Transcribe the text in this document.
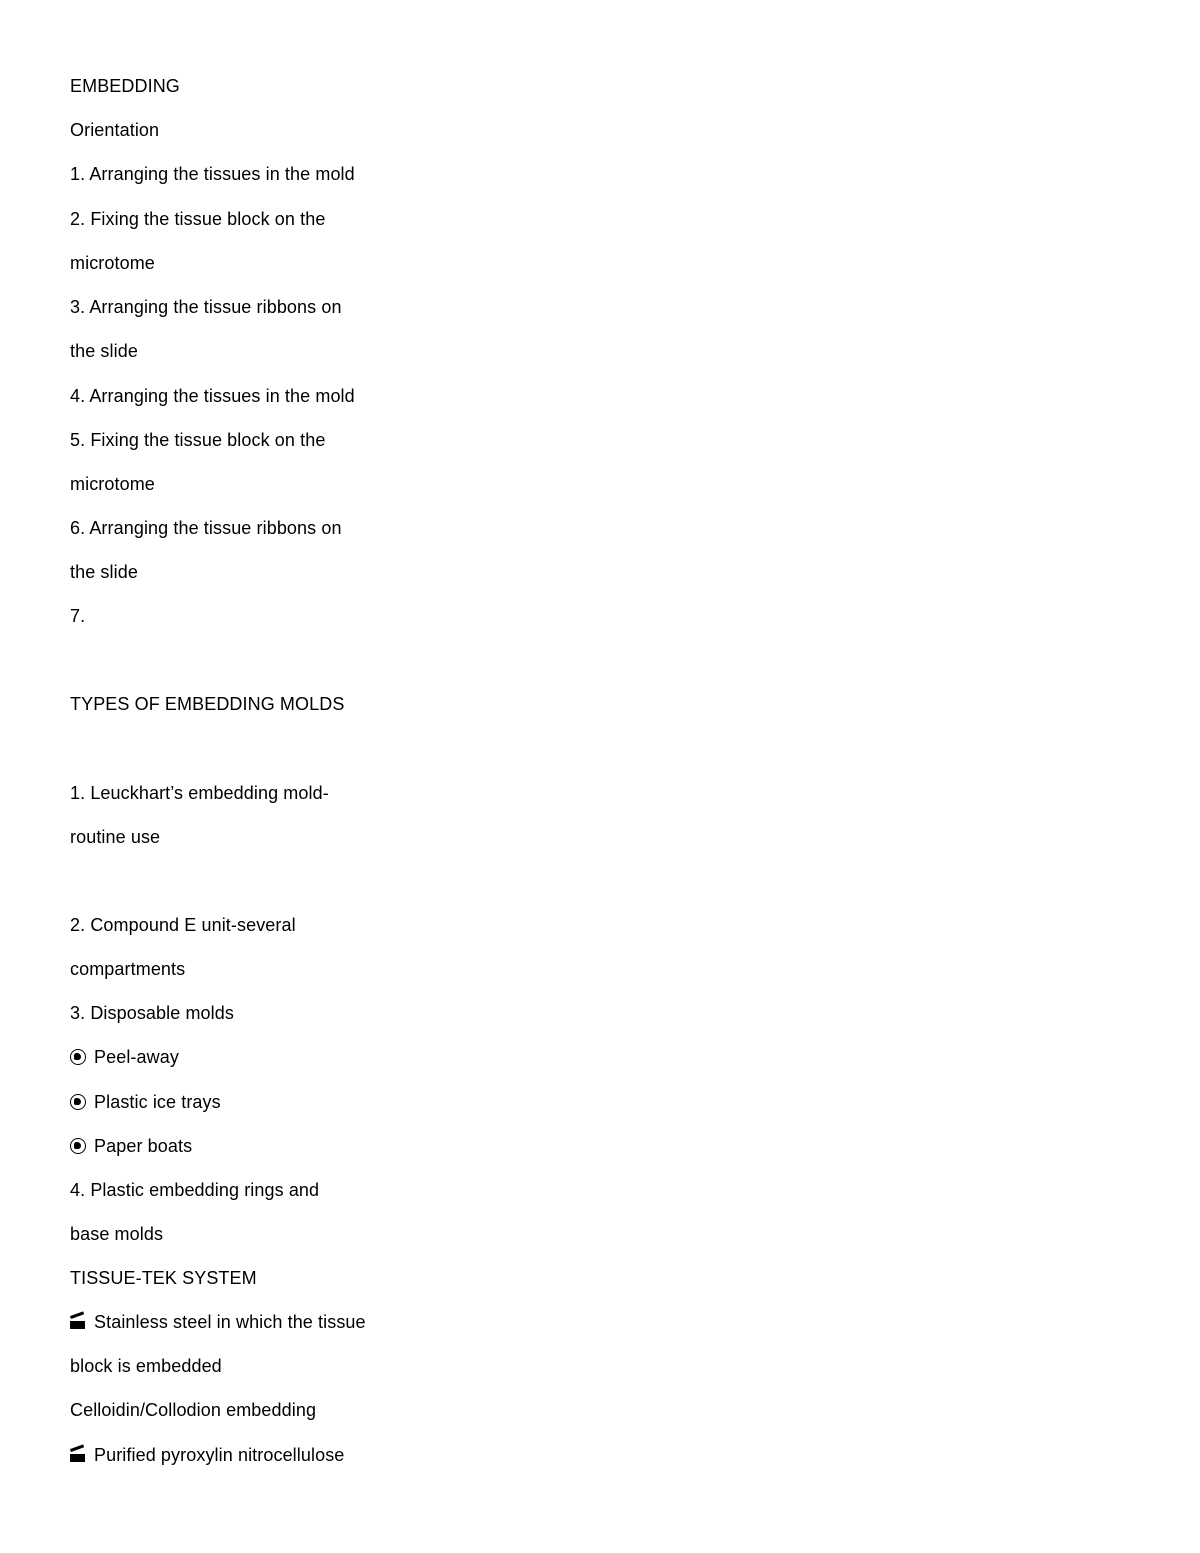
EMBEDDING
Orientation
1. Arranging the tissues in the mold
2. Fixing the tissue block on the
microtome
3. Arranging the tissue ribbons on
the slide
4. Arranging the tissues in the mold
5. Fixing the tissue block on the
microtome
6. Arranging the tissue ribbons on
the slide
7.
TYPES OF EMBEDDING MOLDS
1. Leuckhart’s embedding mold-
routine use
2. Compound E unit-several
compartments
3. Disposable molds
Peel-away
Plastic ice trays
Paper boats
4. Plastic embedding rings and
base molds
TISSUE-TEK SYSTEM
Stainless steel in which the tissue
block is embedded
Celloidin/Collodion embedding
Purified pyroxylin nitrocellulose
